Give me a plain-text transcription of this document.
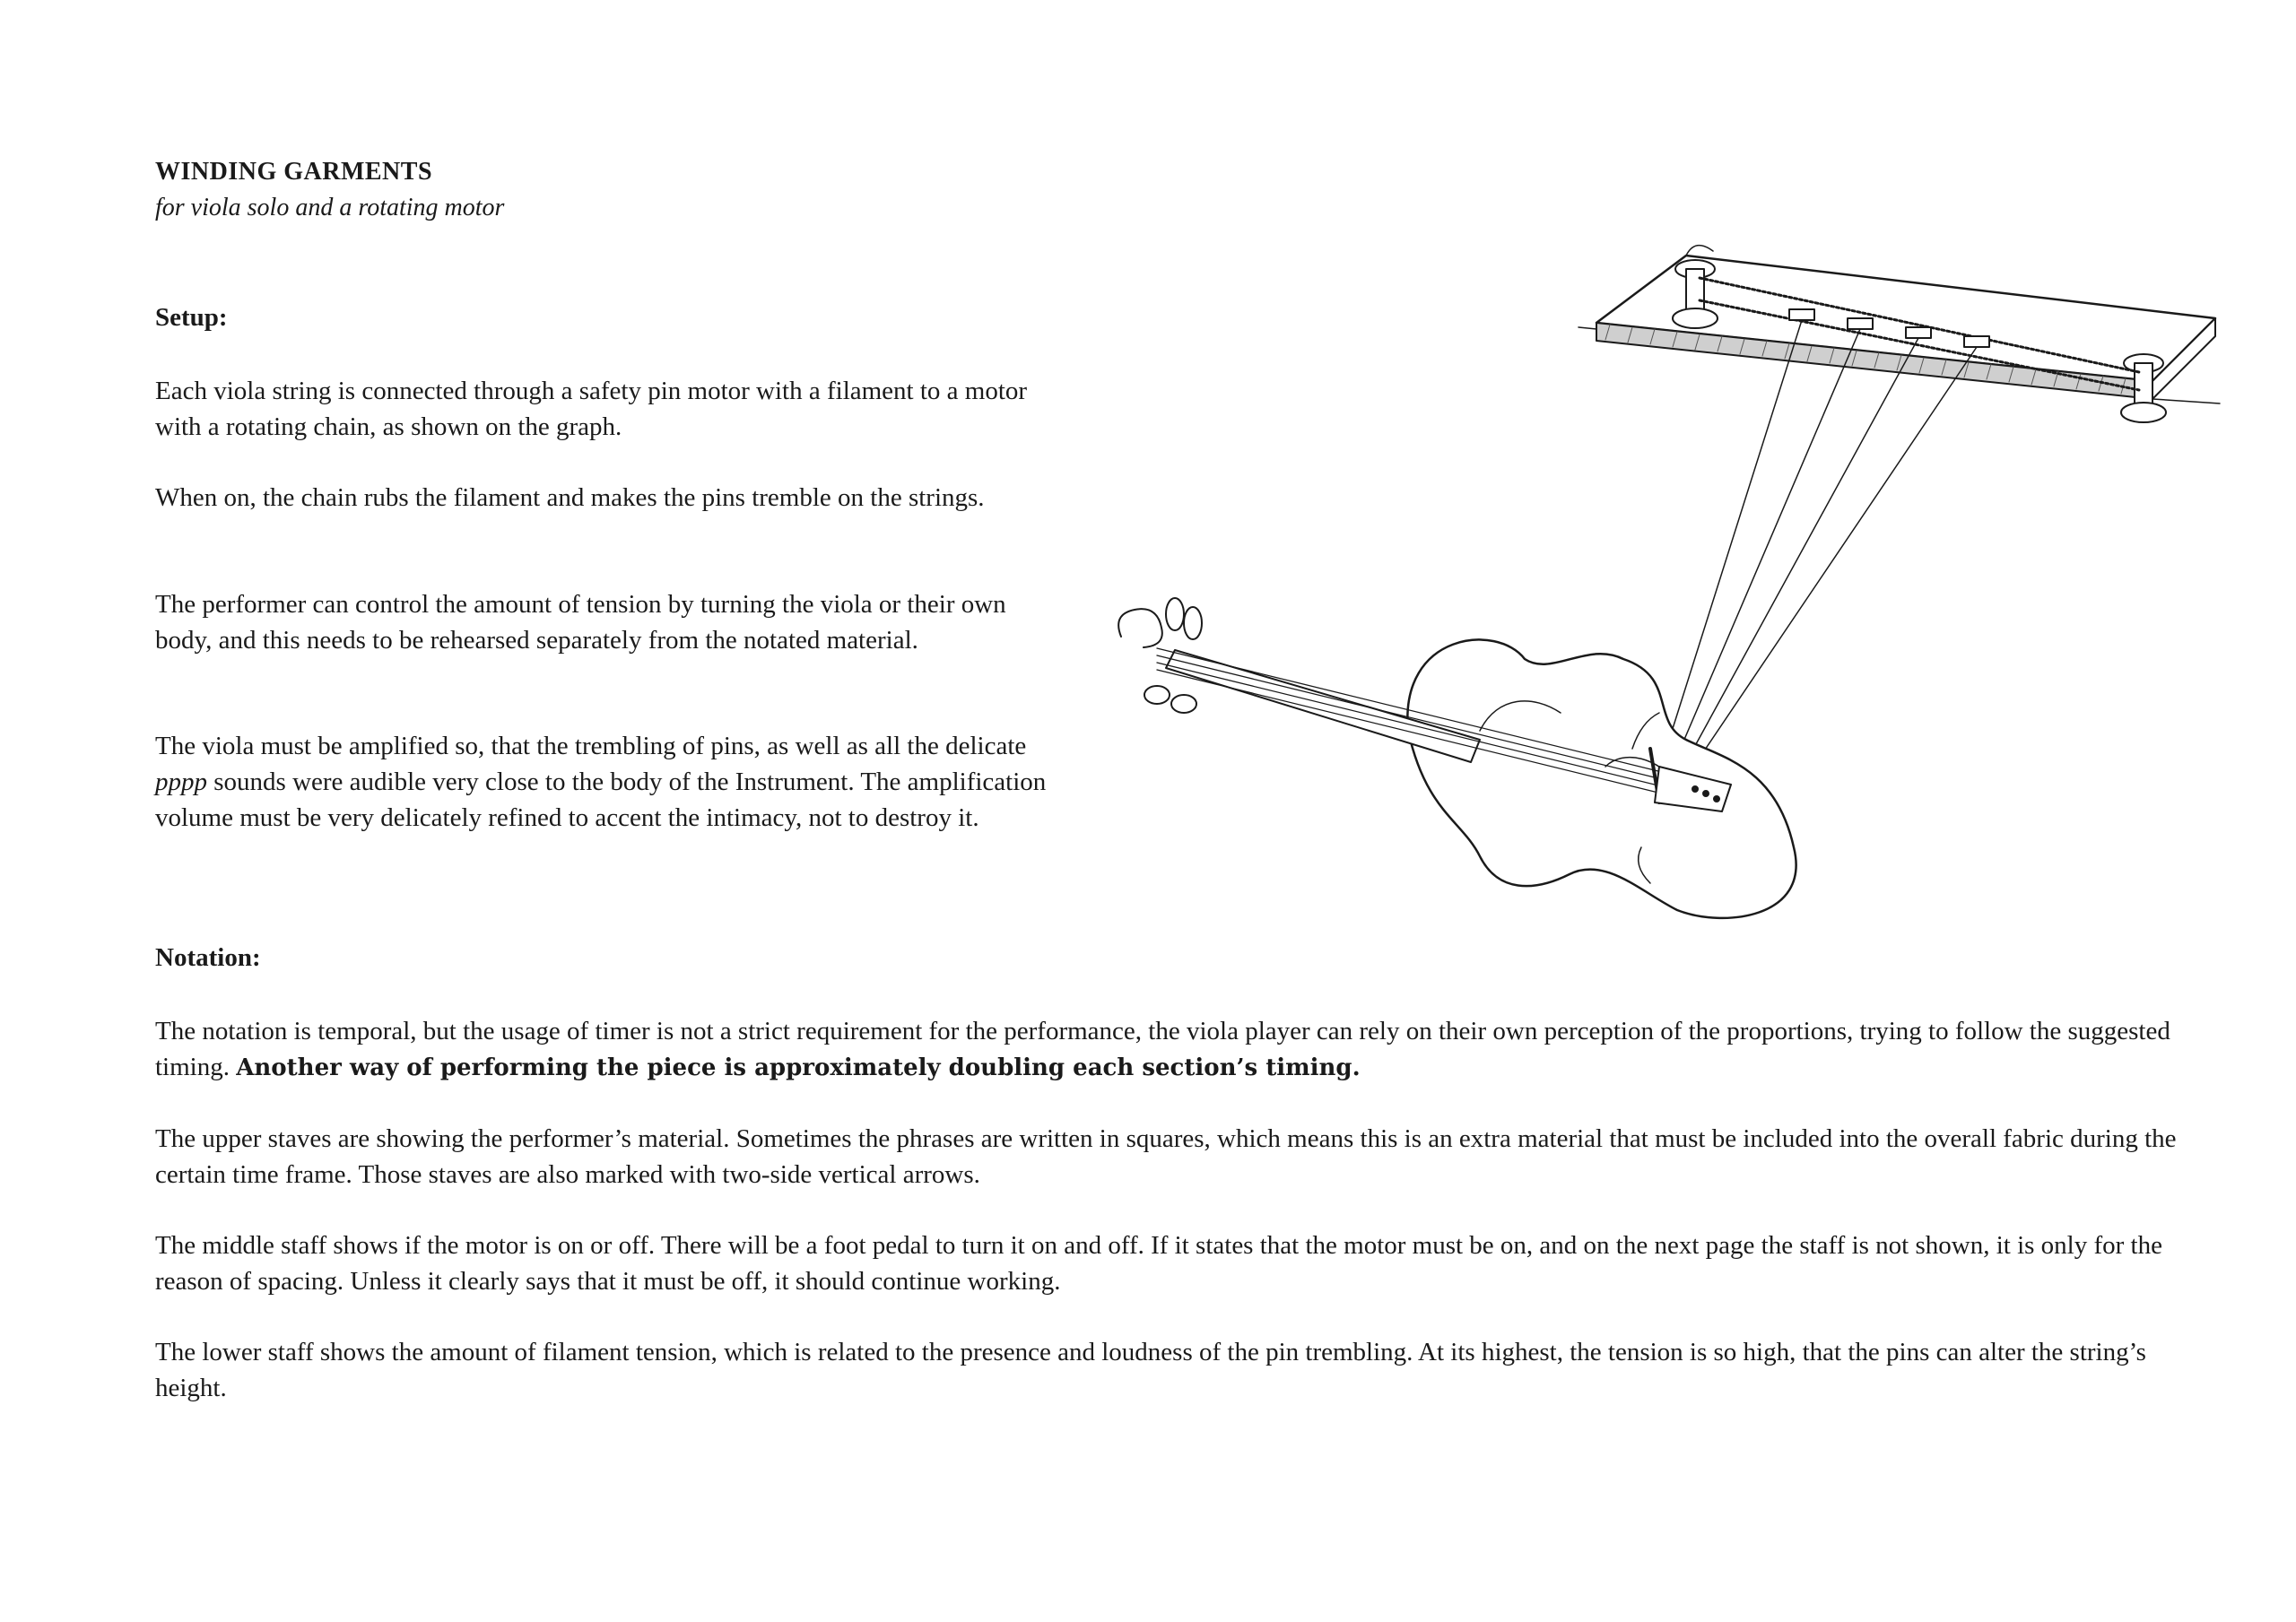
WINDING GARMENTS

for viola solo and a rotating motor

Setup:

Each viola string is connected through a safety pin motor with a filament to a motor with a rotating chain, as shown on the graph.

When on, the chain rubs the filament and makes the pins tremble on the strings.

The performer can control the amount of tension by turning the viola or their own body, and this needs to be rehearsed separately from the notated material.

The viola must be amplified so, that the trembling of pins, as well as all the delicate pppp sounds were audible very close to the body of the Instrument. The amplification volume must be very delicately refined to accent the intimacy, not to destroy it.

Notation:

The notation is temporal, but the usage of timer is not a strict requirement for the performance, the viola player can rely on their own perception of the proportions, trying to follow the suggested timing. Another way of performing the piece is approximately doubling each section’s timing.

The upper staves are showing the performer’s material. Sometimes the phrases are written in squares, which means this is an extra material that must be included into the overall fabric during the certain time frame. Those staves are also marked with two-side vertical arrows.

The middle staff shows if the motor is on or off. There will be a foot pedal to turn it on and off. If it states that the motor must be on, and on the next page the staff is not shown, it is only for the reason of spacing. Unless it clearly says that it must be off, it should continue working.

The lower staff shows the amount of filament tension, which is related to the presence and loudness of the pin trembling. At its highest, the tension is so high, that the pins can alter the string’s height.
